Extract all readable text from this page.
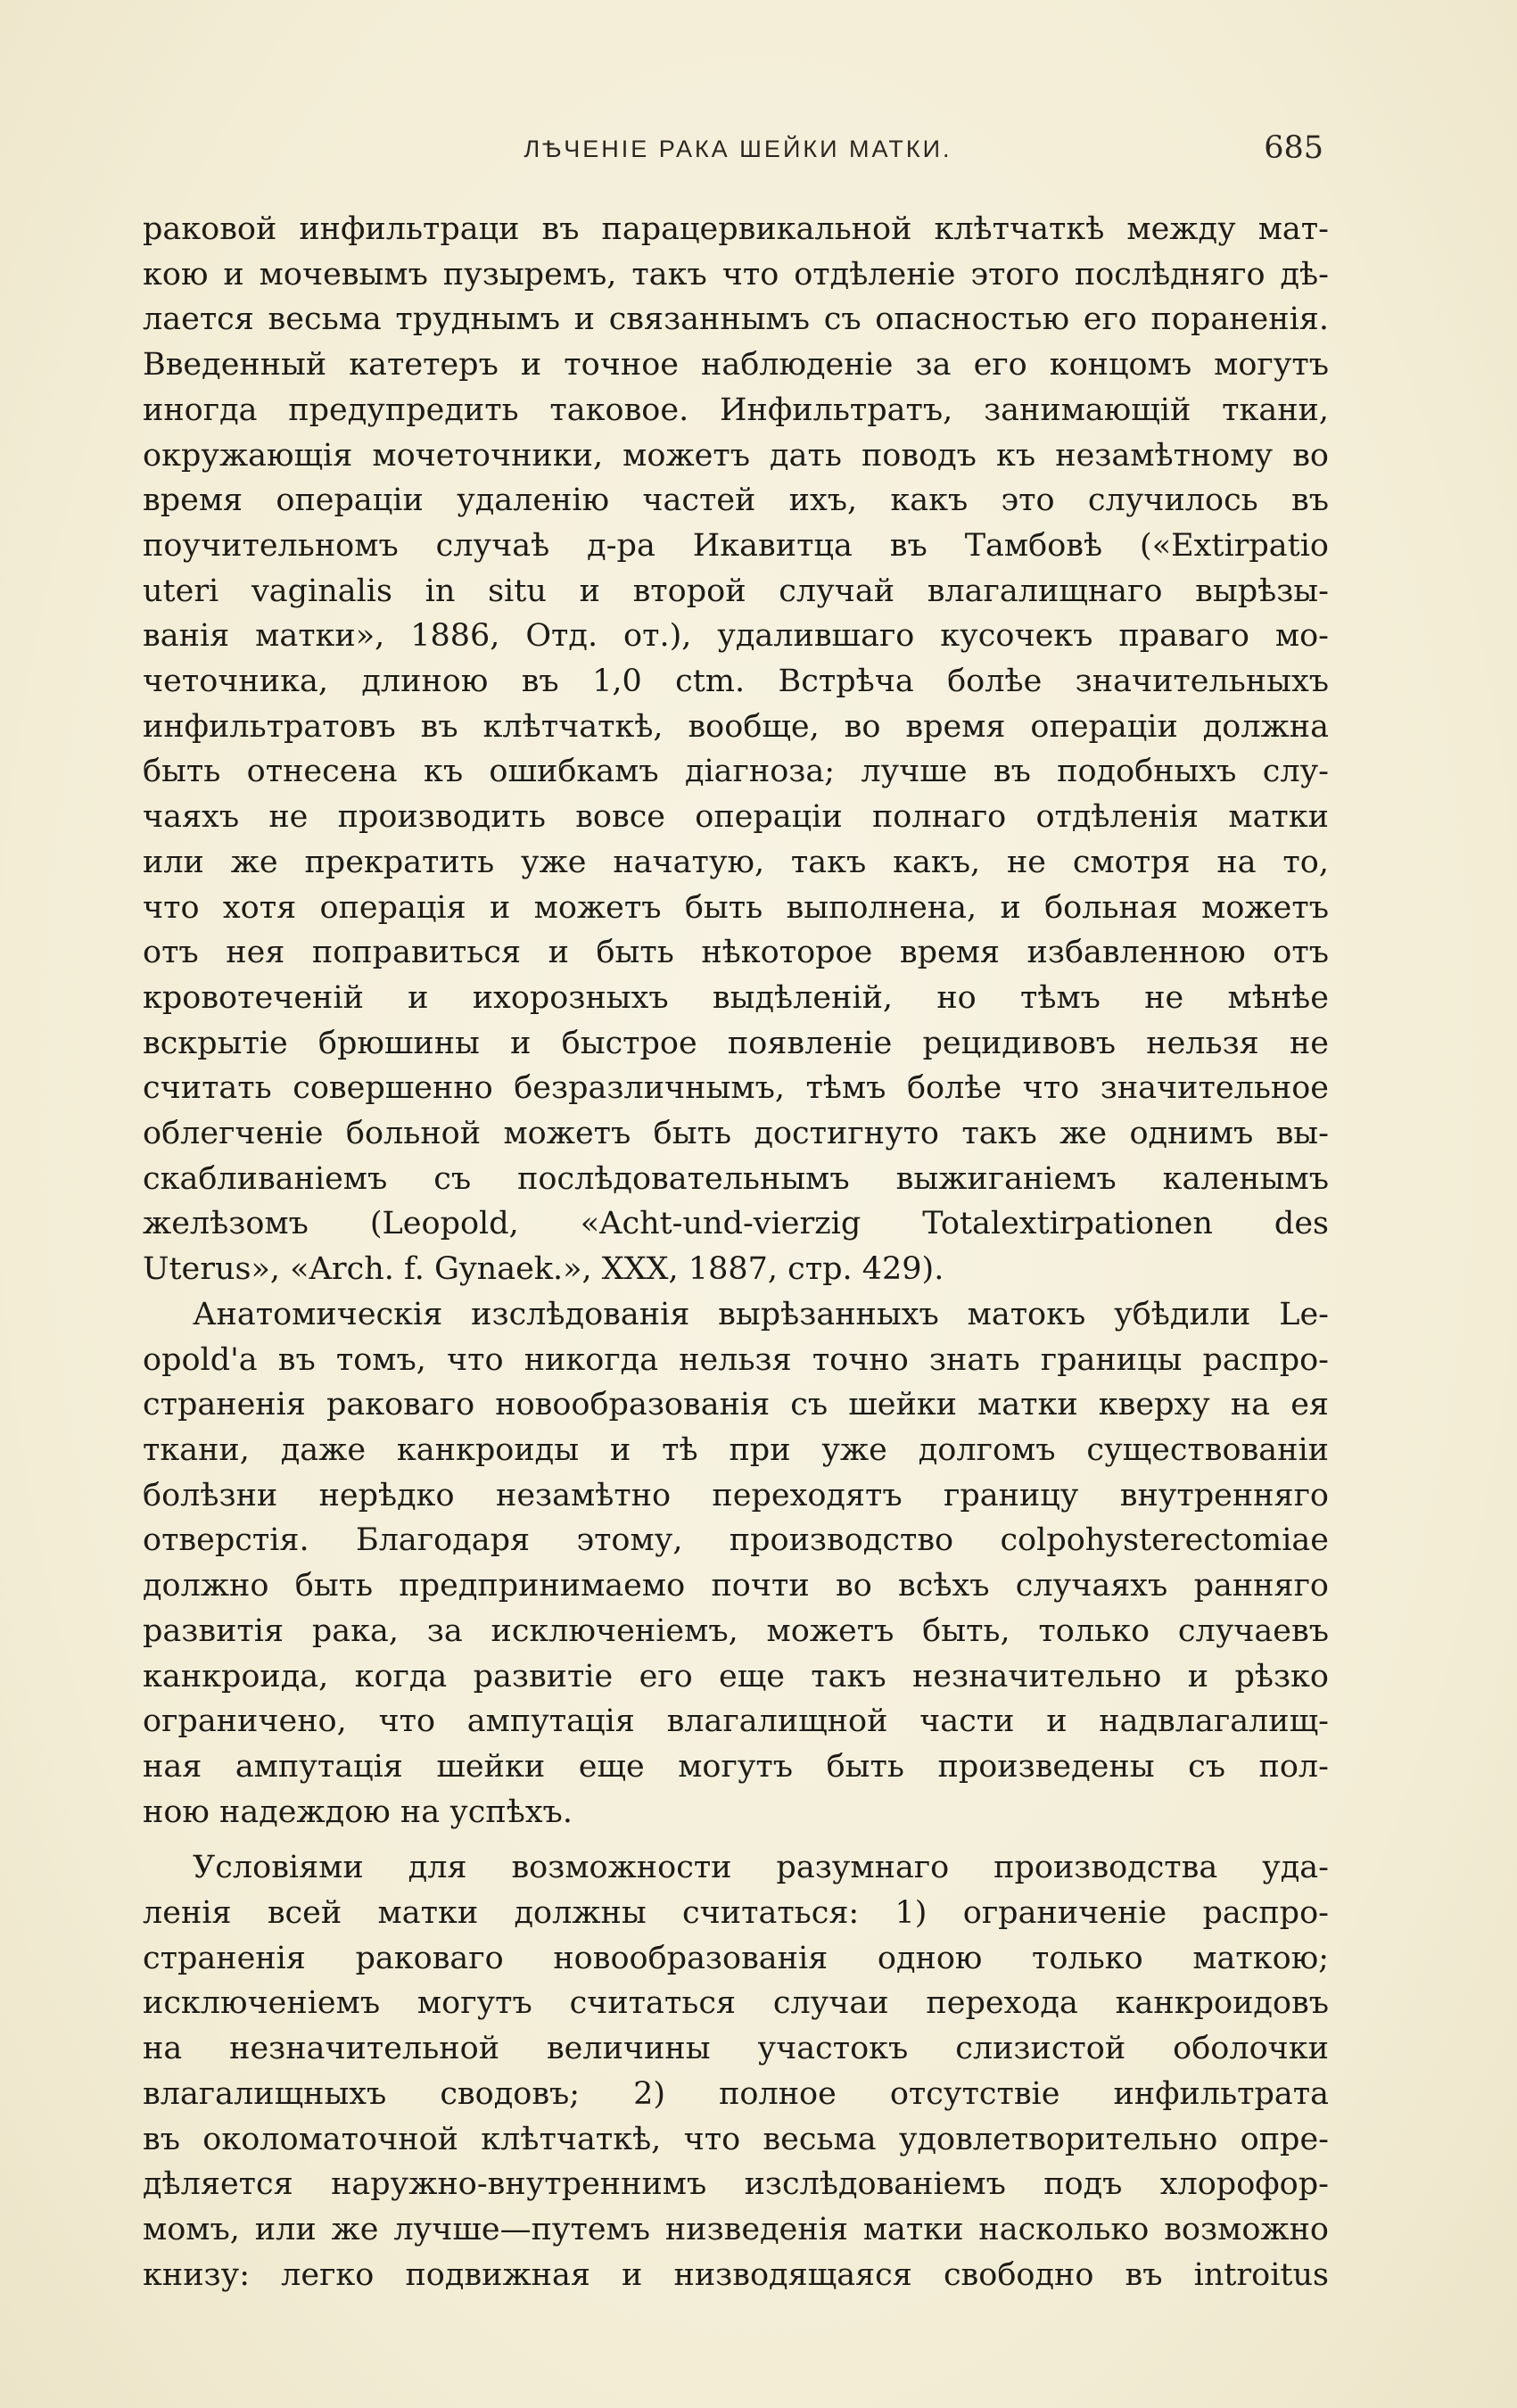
ЛѢЧЕНІЕ РАКА ШЕЙКИ МАТКИ.	685

раковой инфильтраци въ парацервикальной клѣтчаткѣ между мат-

кою и мочевымъ пузыремъ, такъ что отдѣленіе этого послѣдняго дѣ-

лается весьма труднымъ и связаннымъ съ опасностью его пораненія.

Введенный катетеръ и точное наблюденіе за его концомъ могутъ

иногда предупредить таковое. Инфильтратъ, занимающій ткани,

окружающія мочеточники, можетъ дать поводъ къ незамѣтному во

время операціи удаленію частей ихъ, какъ это случилось въ

поучительномъ случаѣ д-ра Икавитца въ Тамбовѣ («Extirpatio

uteri vaginalis in situ и второй случай влагалищнаго вырѣзы-

ванія матки», 1886, Отд. от.), удалившаго кусочекъ праваго мо-

четочника, длиною въ 1,0 ctm. Встрѣча болѣе значительныхъ

инфильтратовъ въ клѣтчаткѣ, вообще, во время операціи должна

быть отнесена къ ошибкамъ діагноза; лучше въ подобныхъ слу-

чаяхъ не производить вовсе операціи полнаго отдѣленія матки

или же прекратить уже начатую, такъ какъ, не смотря на то,

что хотя операція и можетъ быть выполнена, и больная можетъ

отъ нея поправиться и быть нѣкоторое время избавленною отъ

кровотеченій и ихорозныхъ выдѣленій, но тѣмъ не мѣнѣе

вскрытіе брюшины и быстрое появленіе рецидивовъ нельзя не

считать совершенно безразличнымъ, тѣмъ болѣе что значительное

облегченіе больной можетъ быть достигнуто такъ же однимъ вы-

скабливаніемъ съ послѣдовательнымъ выжиганіемъ каленымъ

желѣзомъ (Leopold, «Acht-und-vierzig Totalextirpationen des

Uterus», «Arch. f. Gynaek.», XXX, 1887, стр. 429).

Анатомическія изслѣдованія вырѣзанныхъ матокъ убѣдили Le-

opold'а въ томъ, что никогда нельзя точно знать границы распро-

страненія раковаго новообразованія съ шейки матки кверху на ея

ткани, даже канкроиды и тѣ при уже долгомъ существованіи

болѣзни нерѣдко незамѣтно переходятъ границу внутренняго

отверстія. Благодаря этому, производство colpohysterectomiae

должно быть предпринимаемо почти во всѣхъ случаяхъ ранняго

развитія рака, за исключеніемъ, можетъ быть, только случаевъ

канкроида, когда развитіе его еще такъ незначительно и рѣзко

ограничено, что ампутація влагалищной части и надвлагалищ-

ная ампутація шейки еще могутъ быть произведены съ пол-

ною надеждою на успѣхъ.

Условіями для возможности разумнаго производства уда-

ленія всей матки должны считаться: 1) ограниченіе распро-

страненія раковаго новообразованія одною только маткою;

исключеніемъ могутъ считаться случаи перехода канкроидовъ

на незначительной величины участокъ слизистой оболочки

влагалищныхъ сводовъ; 2) полное отсутствіе инфильтрата

въ околоматочной клѣтчаткѣ, что весьма удовлетворительно опре-

дѣляется наружно-внутреннимъ изслѣдованіемъ подъ хлорофор-

момъ, или же лучше—путемъ низведенія матки насколько возможно

книзу: легко подвижная и низводящаяся свободно въ introitus
